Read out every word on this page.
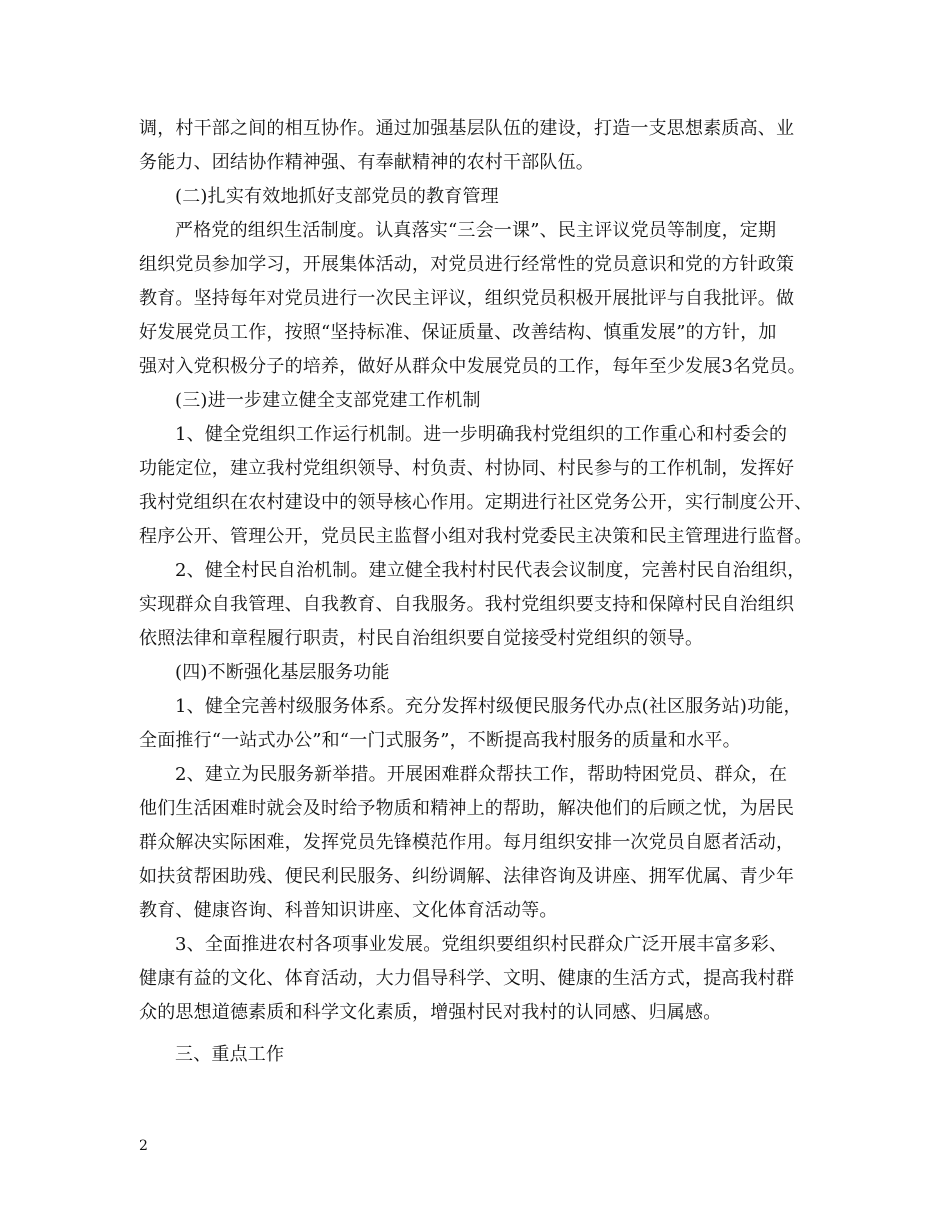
调，村干部之间的相互协作。通过加强基层队伍的建设，打造一支思想素质高、业
务能力、团结协作精神强、有奉献精神的农村干部队伍。
(二)扎实有效地抓好支部党员的教育管理
严格党的组织生活制度。认真落实“三会一课”、民主评议党员等制度，定期
组织党员参加学习，开展集体活动，对党员进行经常性的党员意识和党的方针政策
教育。坚持每年对党员进行一次民主评议，组织党员积极开展批评与自我批评。做
好发展党员工作，按照“坚持标准、保证质量、改善结构、慎重发展”的方针，加
强对入党积极分子的培养，做好从群众中发展党员的工作，每年至少发展3名党员。
(三)进一步建立健全支部党建工作机制
1、健全党组织工作运行机制。进一步明确我村党组织的工作重心和村委会的
功能定位，建立我村党组织领导、村负责、村协同、村民参与的工作机制，发挥好
我村党组织在农村建设中的领导核心作用。定期进行社区党务公开，实行制度公开、
程序公开、管理公开，党员民主监督小组对我村党委民主决策和民主管理进行监督。
2、健全村民自治机制。建立健全我村村民代表会议制度，完善村民自治组织，
实现群众自我管理、自我教育、自我服务。我村党组织要支持和保障村民自治组织
依照法律和章程履行职责，村民自治组织要自觉接受村党组织的领导。
(四)不断强化基层服务功能
1、健全完善村级服务体系。充分发挥村级便民服务代办点(社区服务站)功能，
全面推行“一站式办公”和“一门式服务”，不断提高我村服务的质量和水平。
2、建立为民服务新举措。开展困难群众帮扶工作，帮助特困党员、群众，在
他们生活困难时就会及时给予物质和精神上的帮助，解决他们的后顾之忧，为居民
群众解决实际困难，发挥党员先锋模范作用。每月组织安排一次党员自愿者活动，
如扶贫帮困助残、便民利民服务、纠纷调解、法律咨询及讲座、拥军优属、青少年
教育、健康咨询、科普知识讲座、文化体育活动等。
3、全面推进农村各项事业发展。党组织要组织村民群众广泛开展丰富多彩、
健康有益的文化、体育活动，大力倡导科学、文明、健康的生活方式，提高我村群
众的思想道德素质和科学文化素质，增强村民对我村的认同感、归属感。
三、重点工作
2
